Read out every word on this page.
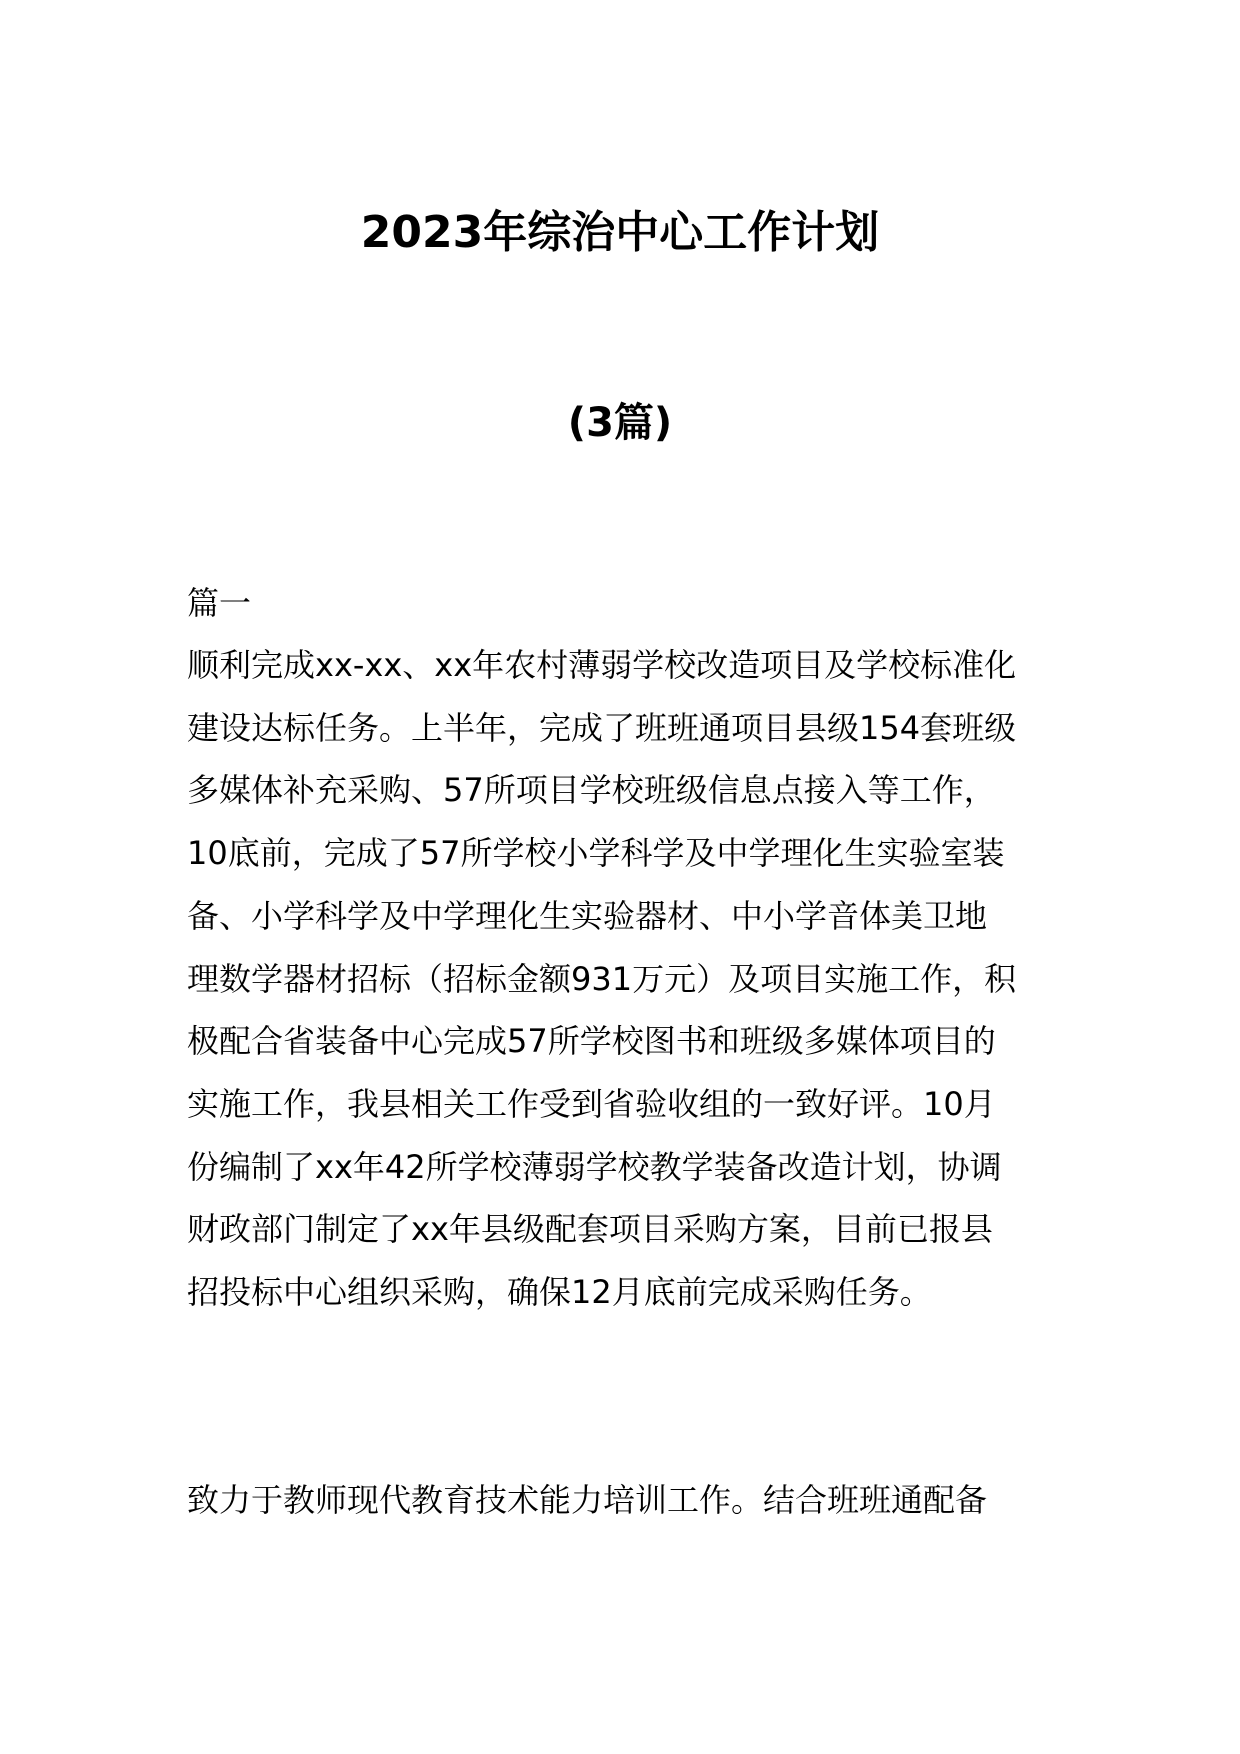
2023年综治中心工作计划
(3篇)

篇一

顺利完成xx-xx、xx年农村薄弱学校改造项目及学校标准化
建设达标任务。上半年，完成了班班通项目县级154套班级
多媒体补充采购、57所项目学校班级信息点接入等工作，
10底前，完成了57所学校小学科学及中学理化生实验室装
备、小学科学及中学理化生实验器材、中小学音体美卫地
理数学器材招标（招标金额931万元）及项目实施工作，积
极配合省装备中心完成57所学校图书和班级多媒体项目的
实施工作，我县相关工作受到省验收组的一致好评。10月
份编制了xx年42所学校薄弱学校教学装备改造计划，协调
财政部门制定了xx年县级配套项目采购方案，目前已报县
招投标中心组织采购，确保12月底前完成采购任务。

致力于教师现代教育技术能力培训工作。结合班班通配备
